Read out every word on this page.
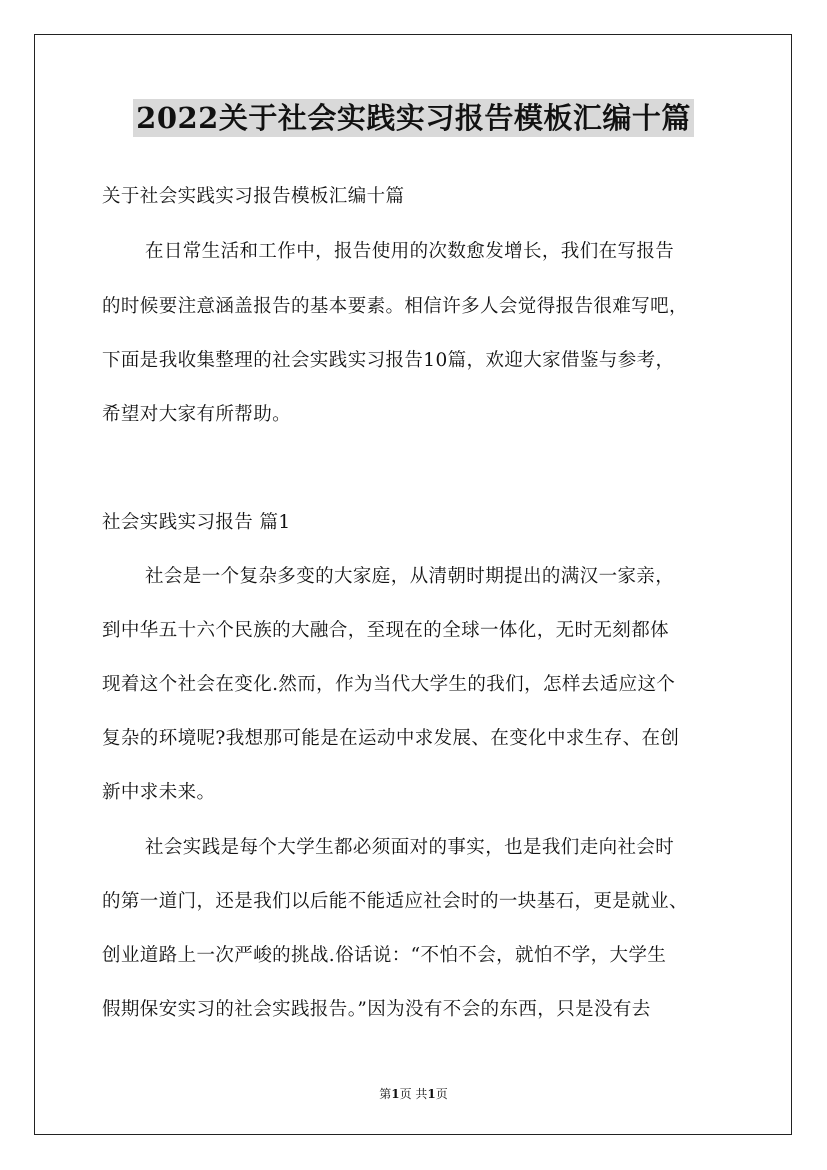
2022关于社会实践实习报告模板汇编十篇
关于社会实践实习报告模板汇编十篇
在日常生活和工作中，报告使用的次数愈发增长，我们在写报告
的时候要注意涵盖报告的基本要素。相信许多人会觉得报告很难写吧，
下面是我收集整理的社会实践实习报告10篇，欢迎大家借鉴与参考，
希望对大家有所帮助。
社会实践实习报告 篇1
社会是一个复杂多变的大家庭，从清朝时期提出的满汉一家亲，
到中华五十六个民族的大融合，至现在的全球一体化，无时无刻都体
现着这个社会在变化.然而，作为当代大学生的我们，怎样去适应这个
复杂的环境呢?我想那可能是在运动中求发展、在变化中求生存、在创
新中求未来。
社会实践是每个大学生都必须面对的事实，也是我们走向社会时
的第一道门，还是我们以后能不能适应社会时的一块基石，更是就业、
创业道路上一次严峻的挑战.俗话说：“不怕不会，就怕不学，大学生
假期保安实习的社会实践报告。”因为没有不会的东西，只是没有去
第1页 共1页
